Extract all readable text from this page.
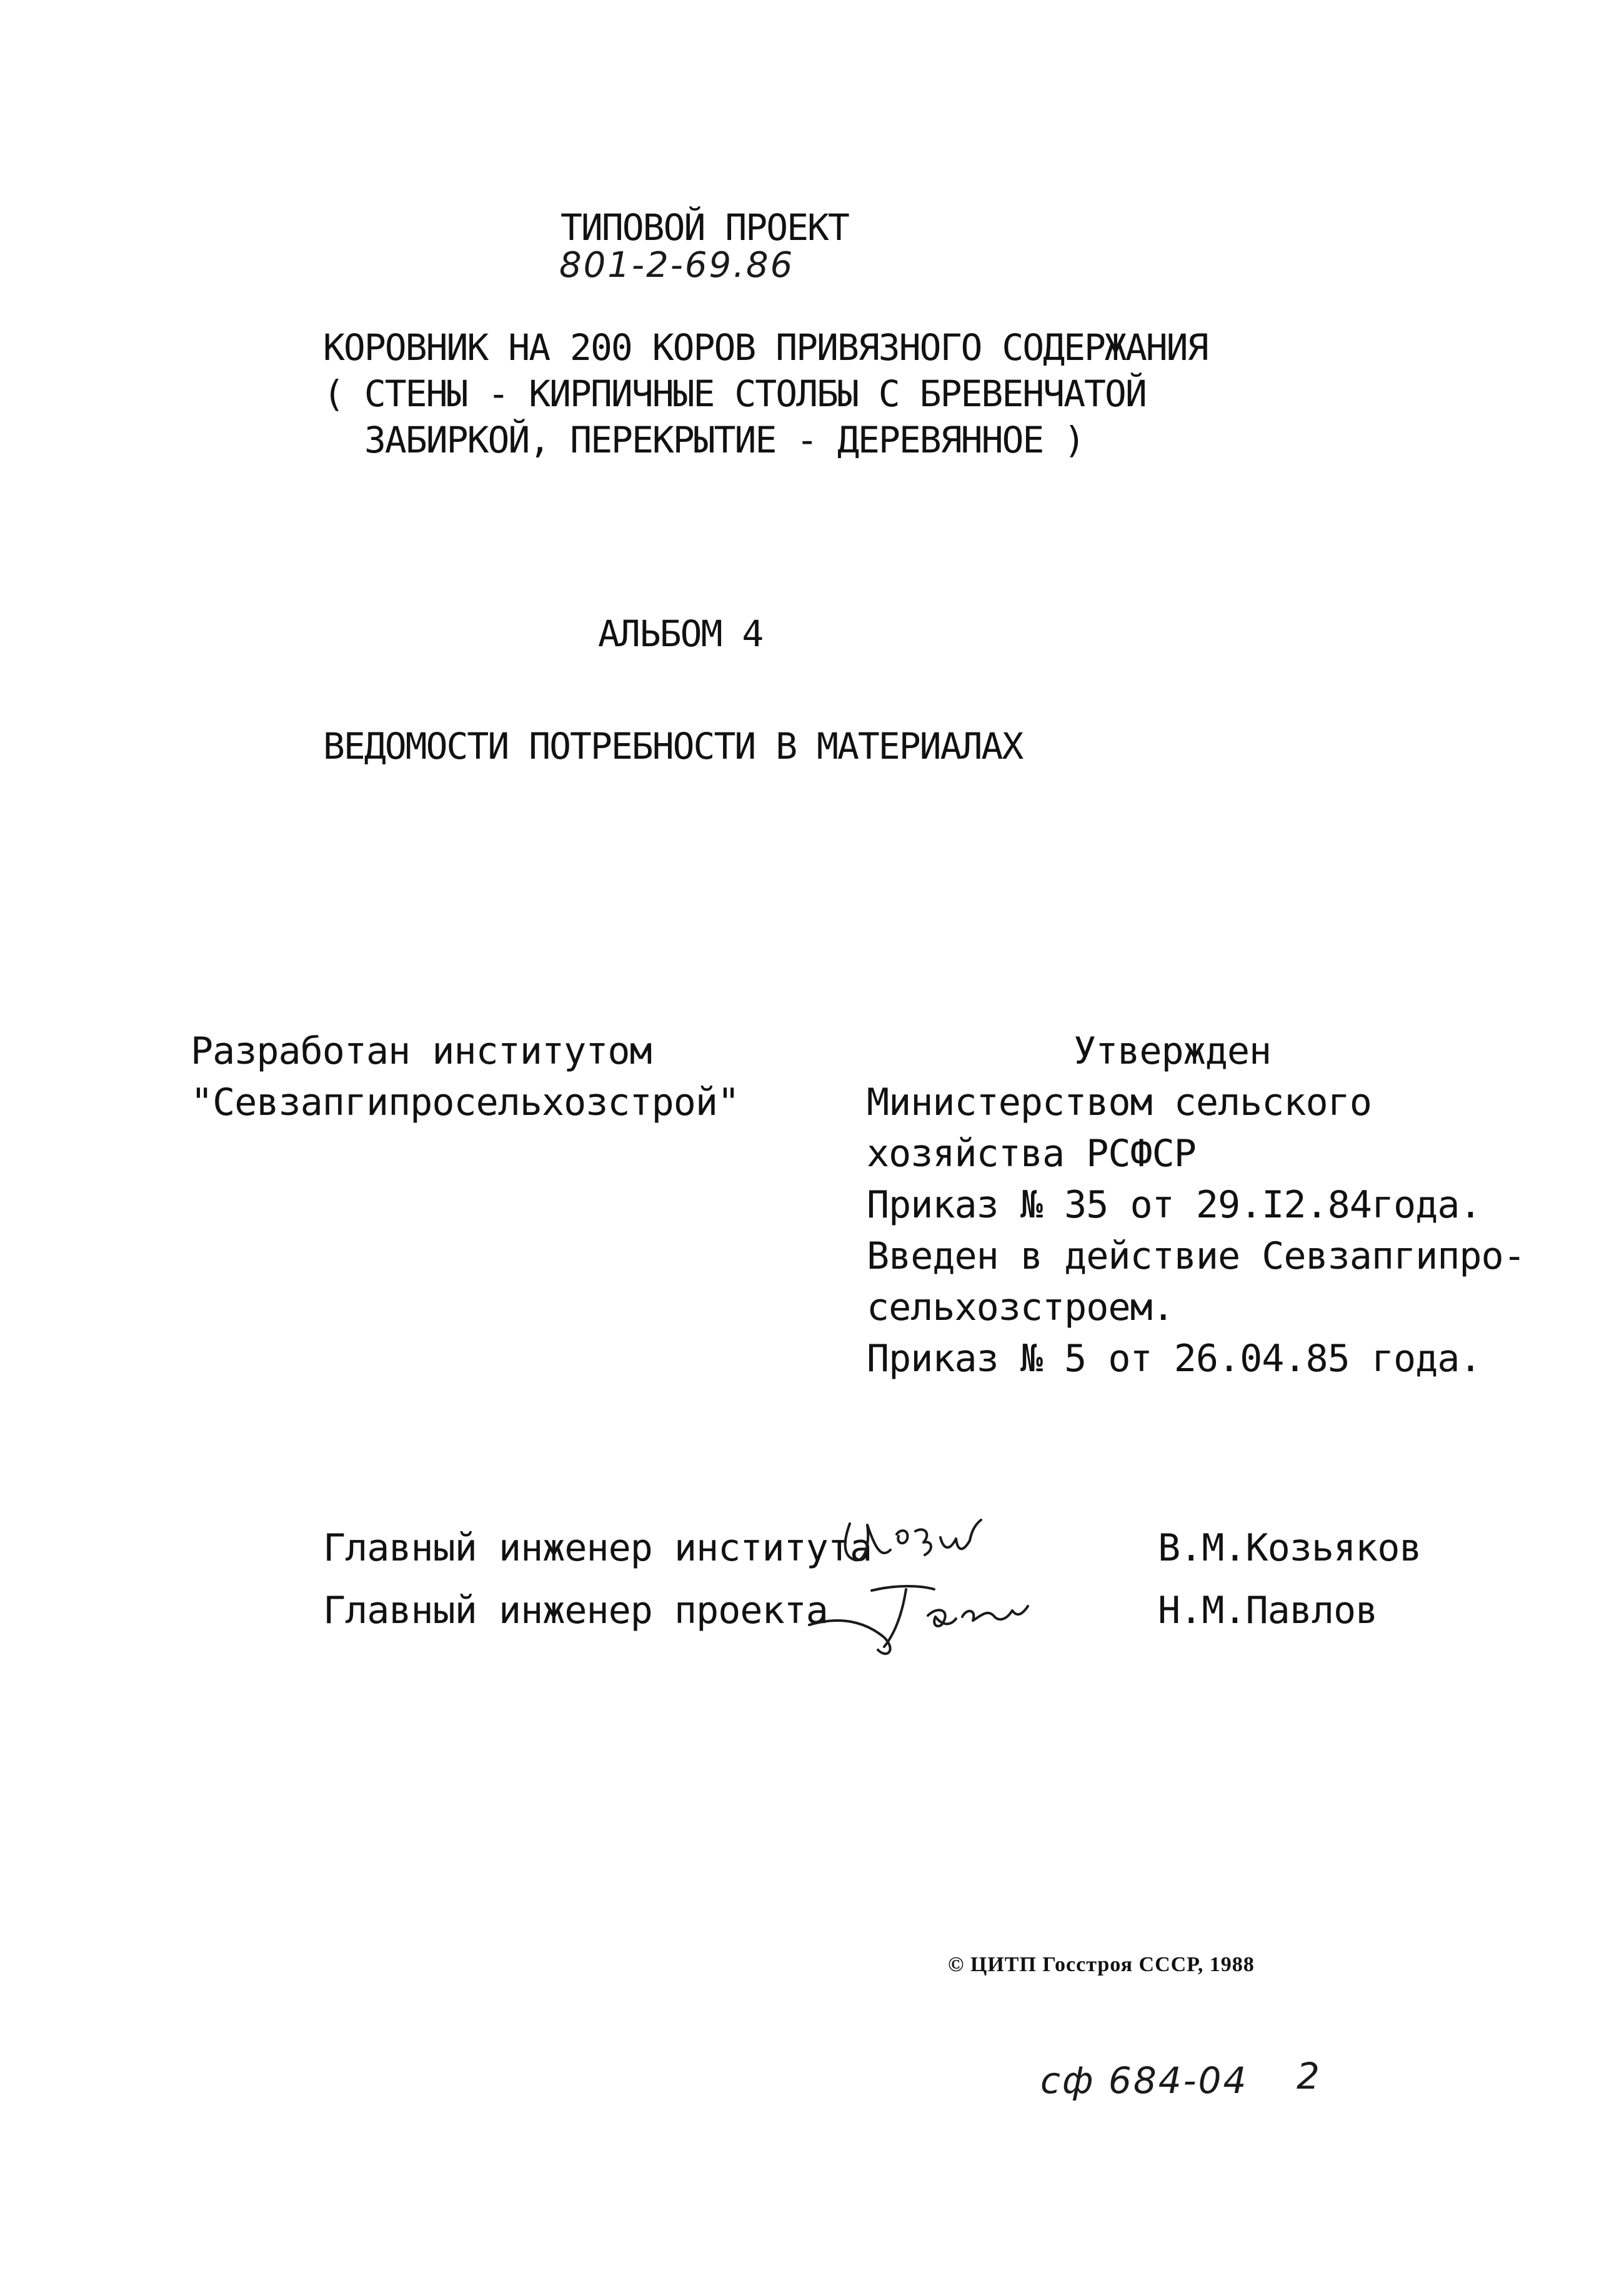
ТИПОВОЙ ПРОЕКТ
801-2-69.86
КОРОВНИК НА 200 КОРОВ ПРИВЯЗНОГО СОДЕРЖАНИЯ
( СТЕНЫ - КИРПИЧНЫЕ СТОЛБЫ С БРЕВЕНЧАТОЙ
ЗАБИРКОЙ, ПЕРЕКРЫТИЕ - ДЕРЕВЯННОЕ )
АЛЬБОМ 4
ВЕДОМОСТИ ПОТРЕБНОСТИ В МАТЕРИАЛАХ
Разработан институтом
"Севзапгипросельхозстрой"
Утвержден
Министерством сельского
хозяйства РСФСР
Приказ № 35 от 29.I2.84года.
Введен в действие Севзапгипро-
сельхозстроем.
Приказ № 5 от 26.04.85 года.
Главный инженер института	В.М.Козьяков
Главный инженер проекта	Н.М.Павлов
© ЦИТП Госстроя СССР, 1988
сф 684-04 2
